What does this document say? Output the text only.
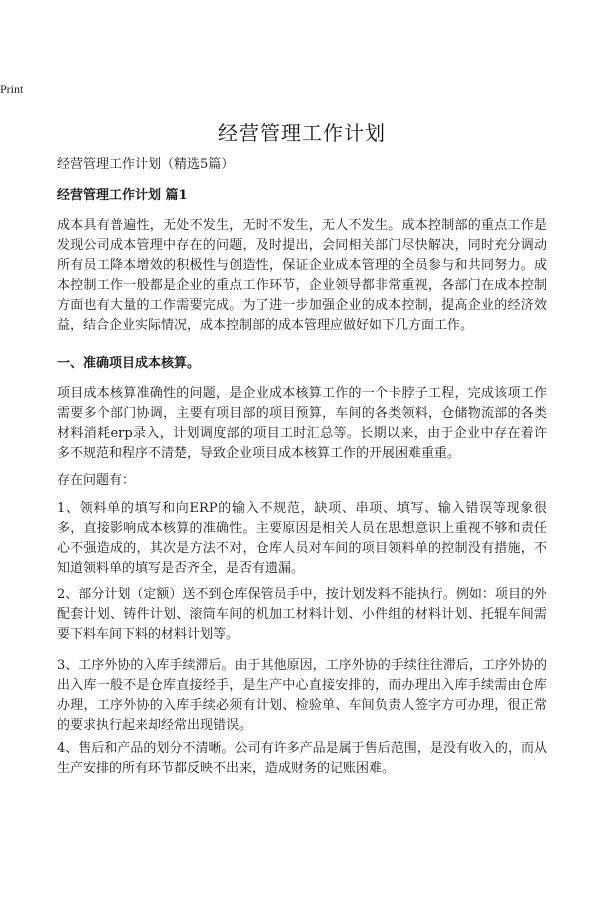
Print
经营管理工作计划
经营管理工作计划（精选5篇）
经营管理工作计划 篇1
成本具有普遍性，无处不发生，无时不发生，无人不发生。成本控制部的重点工作是发现公司成本管理中存在的问题，及时提出，会同相关部门尽快解决，同时充分调动所有员工降本增效的积极性与创造性，保证企业成本管理的全员参与和共同努力。成本控制工作一般都是企业的重点工作环节，企业领导都非常重视，各部门在成本控制方面也有大量的工作需要完成。为了进一步加强企业的成本控制，提高企业的经济效益，结合企业实际情况，成本控制部的成本管理应做好如下几方面工作。
一、准确项目成本核算。
项目成本核算准确性的问题，是企业成本核算工作的一个卡脖子工程，完成该项工作需要多个部门协调，主要有项目部的项目预算，车间的各类领料，仓储物流部的各类材料消耗erp录入，计划调度部的项目工时汇总等。长期以来，由于企业中存在着许多不规范和程序不清楚，导致企业项目成本核算工作的开展困难重重。
存在问题有：
1、领料单的填写和向ERP的输入不规范，缺项、串项、填写、输入错误等现象很多，直接影响成本核算的准确性。主要原因是相关人员在思想意识上重视不够和责任心不强造成的，其次是方法不对，仓库人员对车间的项目领料单的控制没有措施，不知道领料单的填写是否齐全，是否有遗漏。
2、部分计划（定额）送不到仓库保管员手中，按计划发料不能执行。例如：项目的外配套计划、铸件计划、滚筒车间的机加工材料计划、小件组的材料计划、托辊车间需要下料车间下料的材料计划等。
3、工序外协的入库手续滞后。由于其他原因，工序外协的手续往往滞后，工序外协的出入库一般不是仓库直接经手，是生产中心直接安排的，而办理出入库手续需由仓库办理，工序外协的入库手续必须有计划、检验单、车间负责人签字方可办理，很正常的要求执行起来却经常出现错误。
4、售后和产品的划分不清晰。公司有许多产品是属于售后范围，是没有收入的，而从生产安排的所有环节都反映不出来，造成财务的记账困难。
